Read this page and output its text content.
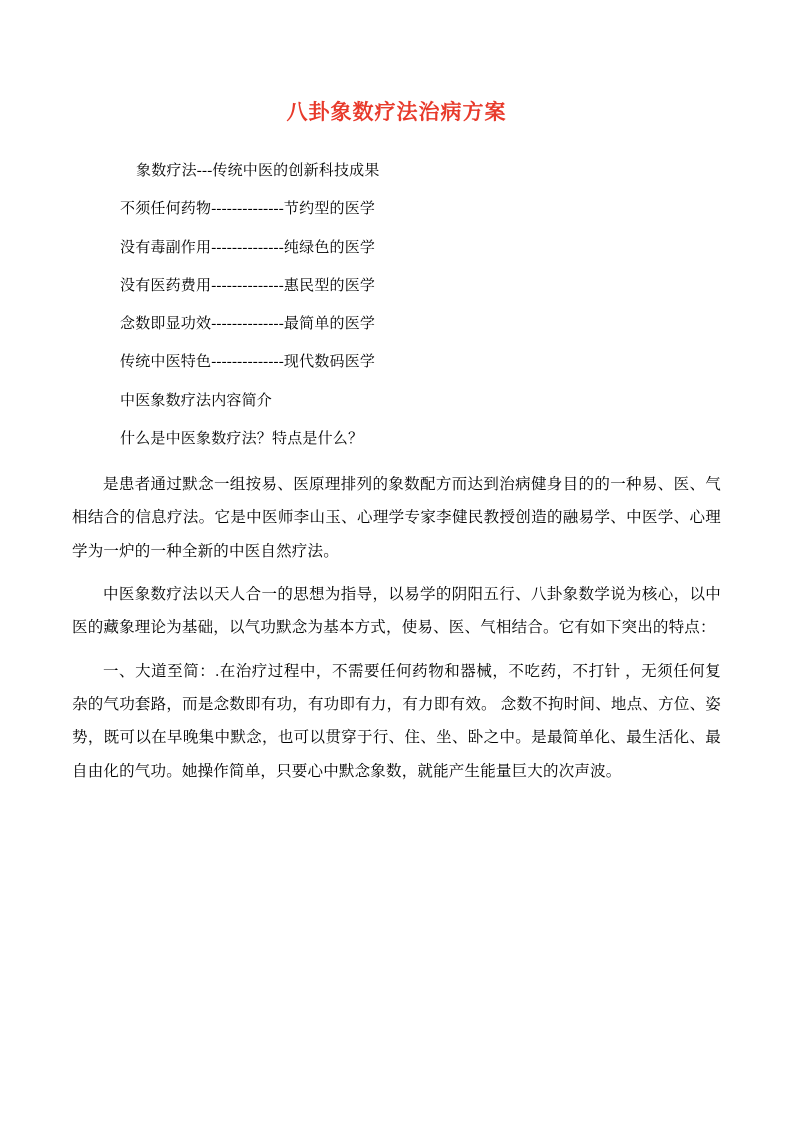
八卦象数疗法治病方案
象数疗法---传统中医的创新科技成果
不须任何药物--------------节约型的医学
没有毒副作用--------------纯绿色的医学
没有医药费用--------------惠民型的医学
念数即显功效--------------最简单的医学
传统中医特色--------------现代数码医学
中医象数疗法内容简介
什么是中医象数疗法？特点是什么？

是患者通过默念一组按易、医原理排列的象数配方而达到治病健身目的的一种易、医、气相结合的信息疗法。它是中医师李山玉、心理学专家李健民教授创造的融易学、中医学、心理学为一炉的一种全新的中医自然疗法。

中医象数疗法以天人合一的思想为指导，以易学的阴阳五行、八卦象数学说为核心，以中医的藏象理论为基础，以气功默念为基本方式，使易、医、气相结合。它有如下突出的特点：

一、大道至简：.在治疗过程中，不需要任何药物和器械，不吃药，不打针 ，无须任何复杂的气功套路，而是念数即有功，有功即有力，有力即有效。 念数不拘时间、地点、方位、姿势，既可以在早晚集中默念，也可以贯穿于行、住、坐、卧之中。是最简单化、最生活化、最自由化的气功。她操作简单，只要心中默念象数，就能产生能量巨大的次声波。
